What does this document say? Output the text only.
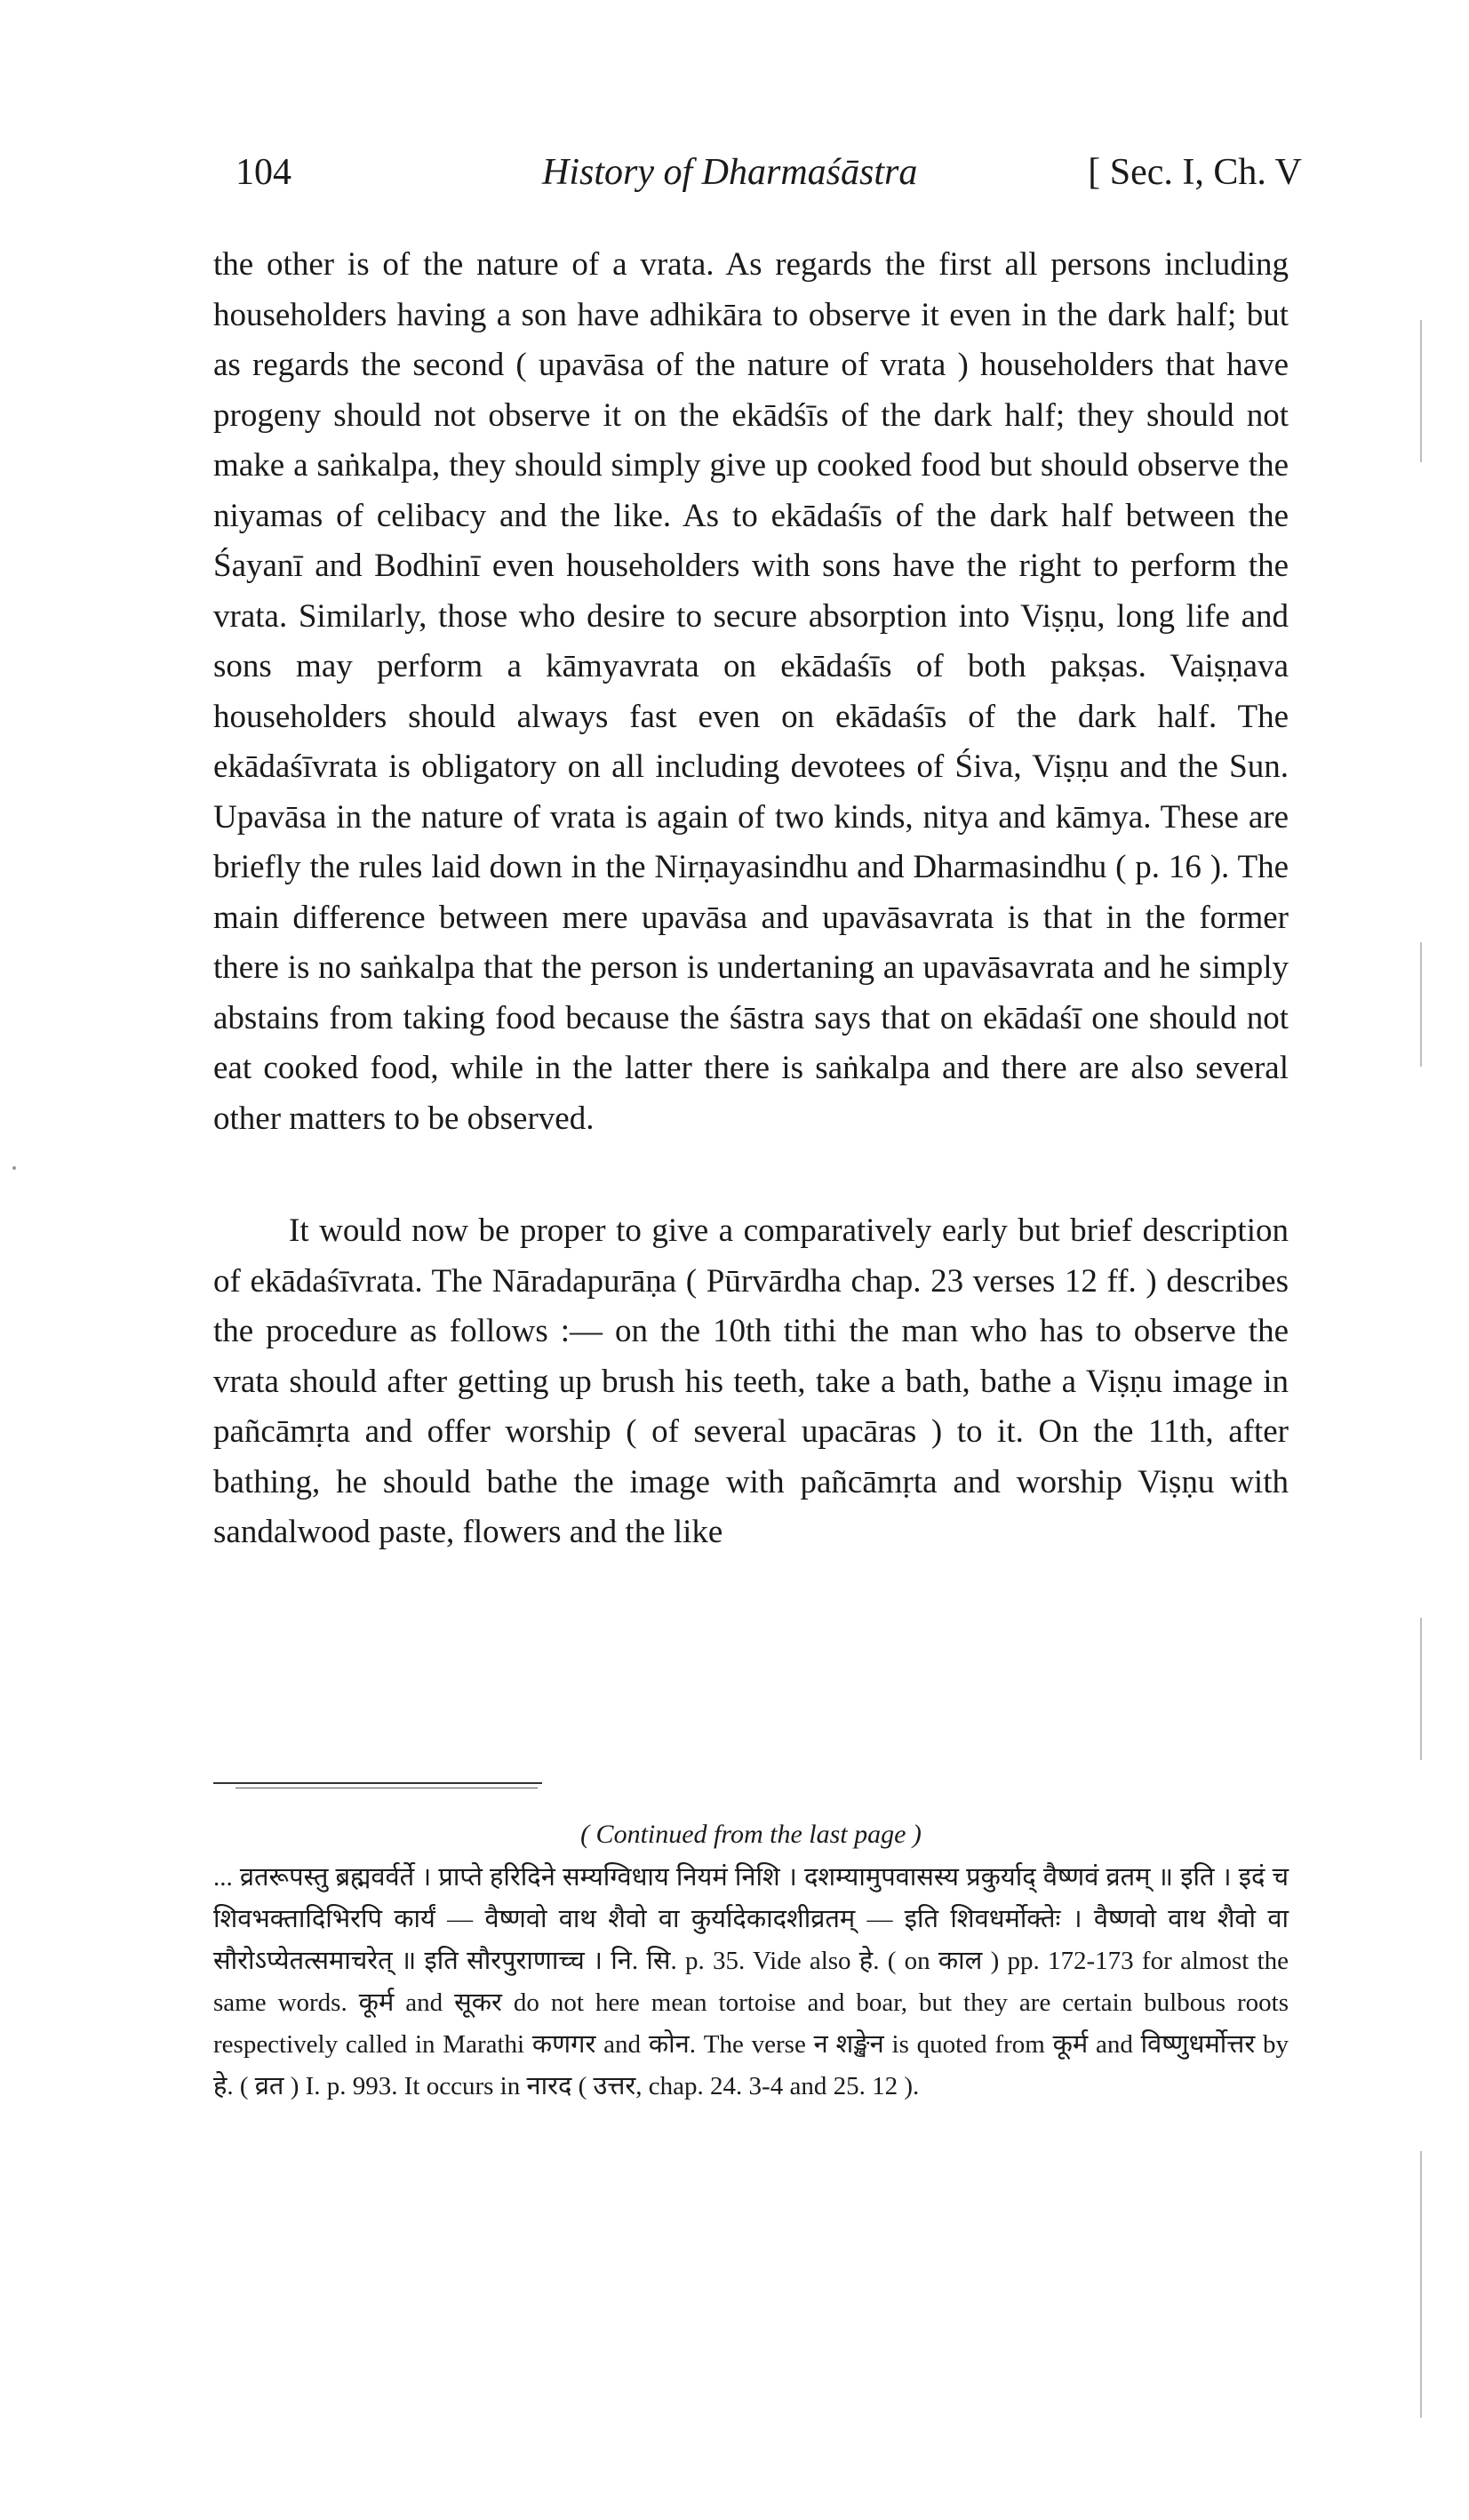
104	History of Dharmaśāstra	[ Sec. I, Ch. V

the other is of the nature of a vrata. As regards the first all persons including householders having a son have adhikāra to observe it even in the dark half; but as regards the second ( upavāsa of the nature of vrata ) householders that have progeny should not observe it on the ekādśīs of the dark half; they should not make a saṅkalpa, they should simply give up cooked food but should observe the niyamas of celibacy and the like. As to ekādaśīs of the dark half between the Śayanī and Bodhinī even householders with sons have the right to perform the vrata. Similarly, those who desire to secure absorption into Viṣṇu, long life and sons may perform a kāmyavrata on ekādaśīs of both pakṣas. Vaiṣṇava householders should always fast even on ekādaśīs of the dark half. The ekādaśīvrata is obligatory on all including devotees of Śiva, Viṣṇu and the Sun. Upavāsa in the nature of vrata is again of two kinds, nitya and kāmya. These are briefly the rules laid down in the Nirṇayasindhu and Dharmasindhu ( p. 16 ). The main difference between mere upavāsa and upavāsavrata is that in the former there is no saṅkalpa that the person is undertaning an upavāsavrata and he simply abstains from taking food because the śāstra says that on ekādaśī one should not eat cooked food, while in the latter there is saṅkalpa and there are also several other matters to be observed.

It would now be proper to give a comparatively early but brief description of ekādaśīvrata. The Nāradapurāṇa ( Pūrvārdha chap. 23 verses 12 ff. ) describes the procedure as follows :— on the 10th tithi the man who has to observe the vrata should after getting up brush his teeth, take a bath, bathe a Viṣṇu image in pañcāmṛta and offer worship ( of several upacāras ) to it. On the 11th, after bathing, he should bathe the image with pañcāmṛta and worship Viṣṇu with sandalwood paste, flowers and the like

( Continued from the last page )

... व्रतरूपस्तु ब्रह्मवर्वर्ते । प्राप्ते हरिदिने सम्यग्विधाय नियमं निशि । दशम्यामुपवासस्य प्रकुर्याद् वैष्णवं व्रतम् ॥ इति । इदं च शिवभक्तादिभिरपि कार्यं — वैष्णवो वाथ शैवो वा कुर्यादेकादशीव्रतम् — इति शिवधर्मोक्तेः । वैष्णवो वाथ शैवो वा सौरोऽप्येतत्समाचरेत् ॥ इति सौरपुराणाच्च । नि. सि. p. 35. Vide also हे. ( on काल ) pp. 172-173 for almost the same words. कूर्म and सूकर do not here mean tortoise and boar, but they are certain bulbous roots respectively called in Marathi कणगर and कोन. The verse न शङ्खेन is quoted from कूर्म and विष्णुधर्मोत्तर by हे. ( व्रत ) I. p. 993. It occurs in नारद ( उत्तर, chap. 24. 3-4 and 25. 12 ).
